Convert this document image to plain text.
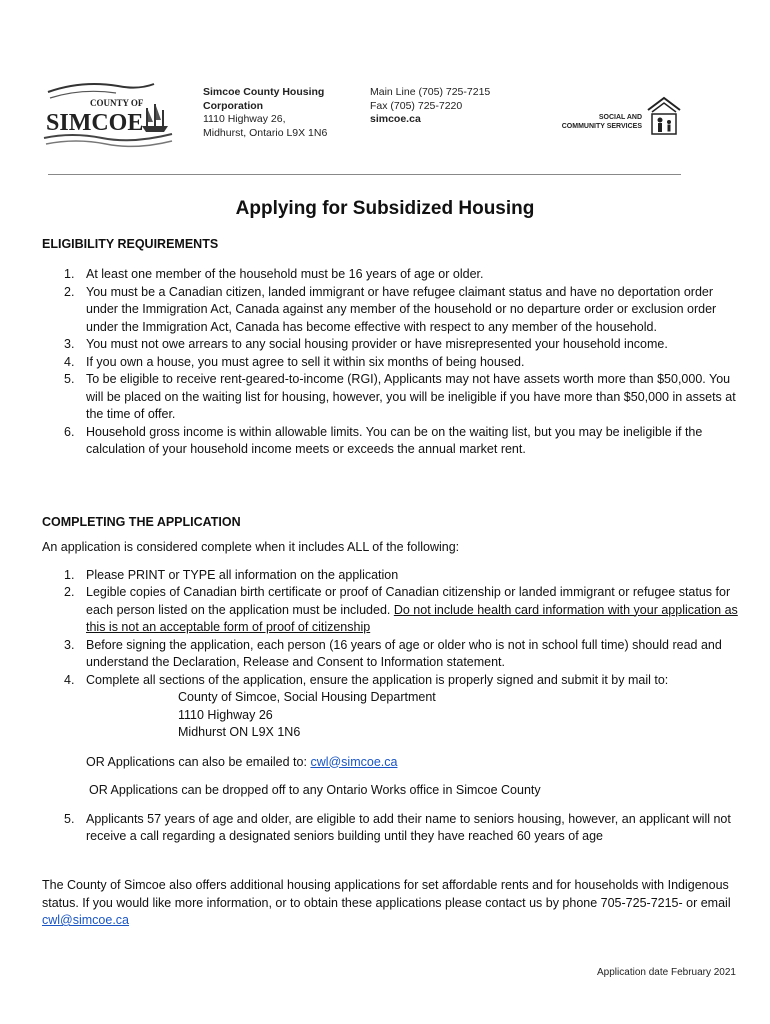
COUNTY OF
SIMCOE
Simcoe County Housing
Corporation
1110 Highway 26,
Midhurst, Ontario L9X 1N6
Main Line (705) 725-7215
Fax (705) 725-7220
simcoe.ca	SOCIAL AND
COMMUNITY SERVICES
Applying for Subsidized Housing

ELIGIBILITY REQUIREMENTS

1. At least one member of the household must be 16 years of age or older.
2. You must be a Canadian citizen, landed immigrant or have refugee claimant status and have no deportation order under the Immigration Act, Canada against any member of the household or no departure order or exclusion order under the Immigration Act, Canada has become effective with respect to any member of the household.
3. You must not owe arrears to any social housing provider or have misrepresented your household income.
4. If you own a house, you must agree to sell it within six months of being housed.
5. To be eligible to receive rent-geared-to-income (RGI), Applicants may not have assets worth more than $50,000. You will be placed on the waiting list for housing, however, you will be ineligible if you have more than $50,000 in assets at the time of offer.
6. Household gross income is within allowable limits. You can be on the waiting list, but you may be ineligible if the calculation of your household income meets or exceeds the annual market rent.

COMPLETING THE APPLICATION

An application is considered complete when it includes ALL of the following:
1. Please PRINT or TYPE all information on the application
2. Legible copies of Canadian birth certificate or proof of Canadian citizenship or landed immigrant or refugee status for each person listed on the application must be included. Do not include health card information with your application as this is not an acceptable form of proof of citizenship
3. Before signing the application, each person (16 years of age or older who is not in school full time) should read and understand the Declaration, Release and Consent to Information statement.
4. Complete all sections of the application, ensure the application is properly signed and submit it by mail to:
County of Simcoe, Social Housing Department
1110 Highway 26
Midhurst ON L9X 1N6
OR Applications can also be emailed to: cwl@simcoe.ca
OR Applications can be dropped off to any Ontario Works office in Simcoe County
5. Applicants 57 years of age and older, are eligible to add their name to seniors housing, however, an applicant will not receive a call regarding a designated seniors building until they have reached 60 years of age
The County of Simcoe also offers additional housing applications for set affordable rents and for households with Indigenous status. If you would like more information, or to obtain these applications please contact us by phone 705-725-7215- or email cwl@simcoe.ca
Application date February 2021
